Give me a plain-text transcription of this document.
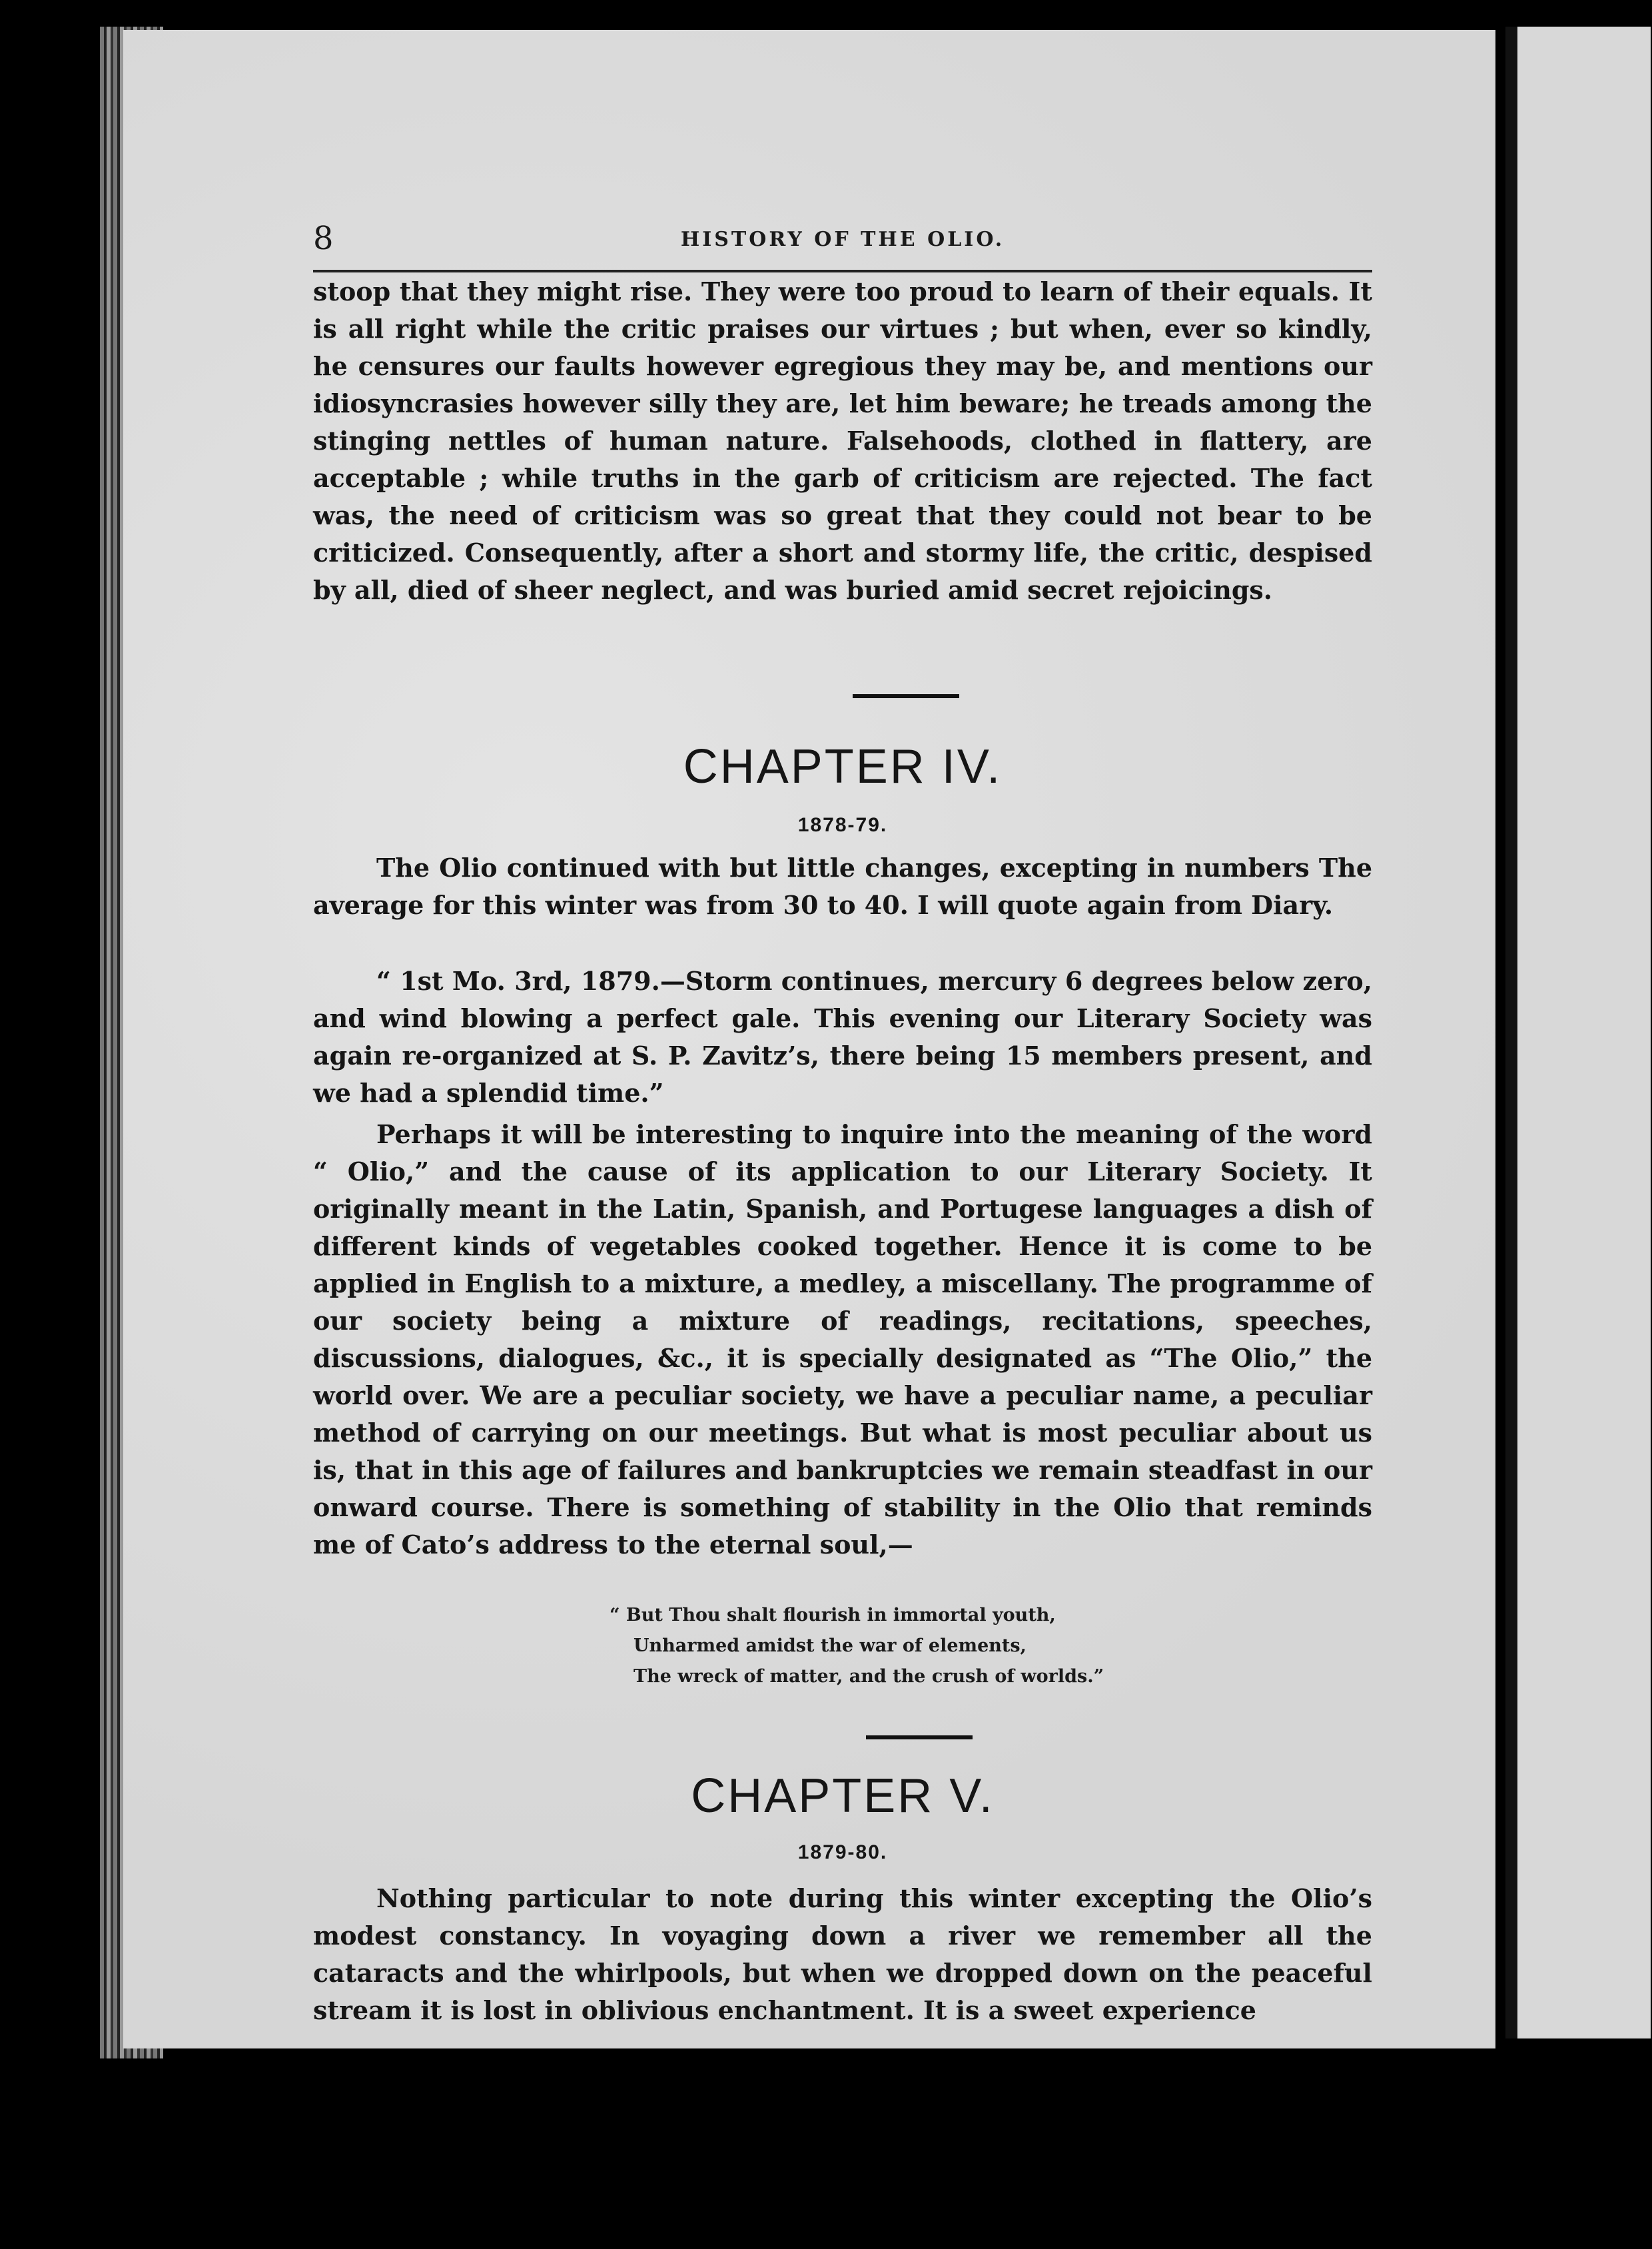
8	HISTORY OF THE OLIO.

stoop that they might rise. They were too proud to learn of their equals. It is all right while the critic praises our virtues ; but when, ever so kindly, he censures our faults however egregious they may be, and mentions our idiosyncrasies however silly they are, let him beware; he treads among the stinging nettles of human nature. Falsehoods, clothed in flattery, are acceptable ; while truths in the garb of criticism are rejected. The fact was, the need of criticism was so great that they could not bear to be criticized. Consequently, after a short and stormy life, the critic, despised by all, died of sheer neglect, and was buried amid secret rejoicings.

CHAPTER IV.
1878-79.

The Olio continued with but little changes, excepting in numbers The average for this winter was from 30 to 40. I will quote again from Diary.

“ 1st Mo. 3rd, 1879.—Storm continues, mercury 6 degrees below zero, and wind blowing a perfect gale. This evening our Literary Society was again re-organized at S. P. Zavitz’s, there being 15 members present, and we had a splendid time.”

Perhaps it will be interesting to inquire into the meaning of the word “ Olio,” and the cause of its application to our Literary Society. It originally meant in the Latin, Spanish, and Portugese languages a dish of different kinds of vegetables cooked together. Hence it is come to be applied in English to a mixture, a medley, a miscellany. The programme of our society being a mixture of readings, recitations, speeches, discussions, dialogues, &c., it is specially designated as “The Olio,” the world over. We are a peculiar society, we have a peculiar name, a peculiar method of carrying on our meetings. But what is most peculiar about us is, that in this age of failures and bankruptcies we remain steadfast in our onward course. There is something of stability in the Olio that reminds me of Cato’s address to the eternal soul,—

“ But Thou shalt flourish in immortal youth,
Unharmed amidst the war of elements,
The wreck of matter, and the crush of worlds.”
CHAPTER V.
1879-80.

Nothing particular to note during this winter excepting the Olio’s modest constancy. In voyaging down a river we remember all the cataracts and the whirlpools, but when we dropped down on the peaceful stream it is lost in oblivious enchantment. It is a sweet experience
